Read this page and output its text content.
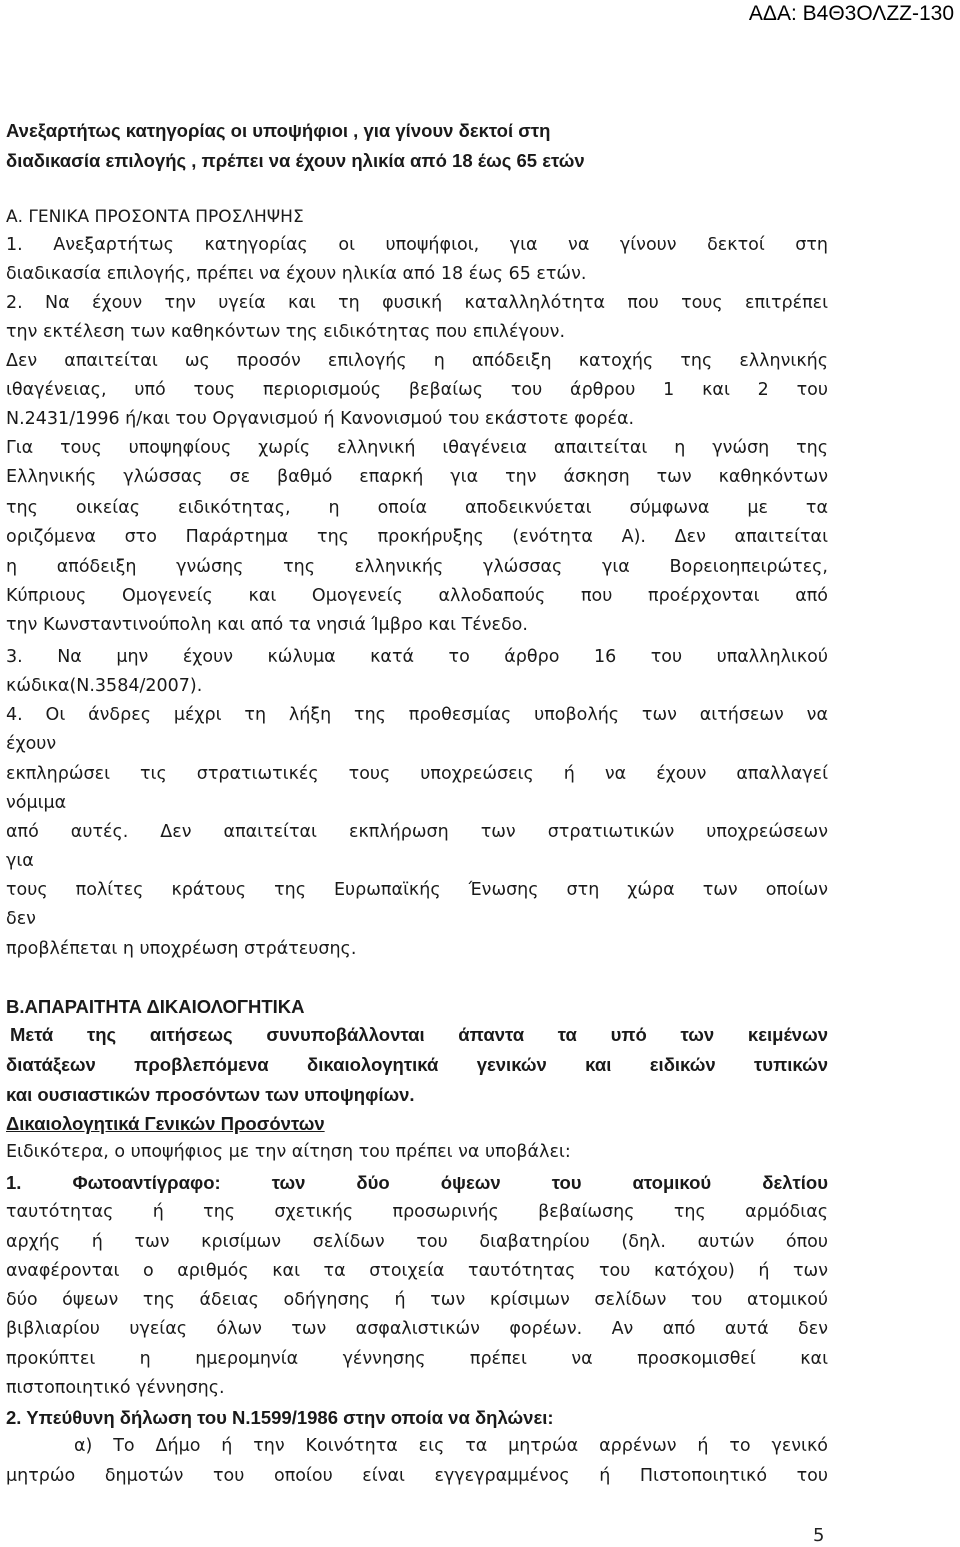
ΑΔΑ: Β4Θ3ΟΛΖΖ-130
Ανεξαρτήτως κατηγορίας οι υποψήφιοι , για γίνουν δεκτοί στη
διαδικασία επιλογής , πρέπει να έχουν ηλικία από 18 έως 65 ετών
Α. ΓΕΝΙΚΑ ΠΡΟΣΟΝΤΑ ΠΡΟΣΛΗΨΗΣ
1. Ανεξαρτήτως κατηγορίας οι υποψήφιοι, για να γίνουν δεκτοί στη
διαδικασία επιλογής, πρέπει να έχουν ηλικία από 18 έως 65 ετών.
2. Να έχουν την υγεία και τη φυσική καταλληλότητα που τους επιτρέπει
την εκτέλεση των καθηκόντων της ειδικότητας που επιλέγουν.
Δεν απαιτείται ως προσόν επιλογής η απόδειξη κατοχής της ελληνικής
ιθαγένειας, υπό τους περιορισμούς βεβαίως του άρθρου 1 και 2 του
Ν.2431/1996 ή/και του Οργανισμού ή Κανονισμού του εκάστοτε φορέα.
Για τους υποψηφίους χωρίς ελληνική ιθαγένεια απαιτείται η γνώση της
Ελληνικής γλώσσας σε βαθμό επαρκή για την άσκηση των καθηκόντων
της οικείας ειδικότητας, η οποία αποδεικνύεται σύμφωνα με τα
οριζόμενα στο Παράρτημα της προκήρυξης (ενότητα Α). Δεν απαιτείται
η απόδειξη γνώσης της ελληνικής γλώσσας για Βορειοηπειρώτες,
Κύπριους Ομογενείς και Ομογενείς αλλοδαπούς που προέρχονται από
την Κωνσταντινούπολη και από τα νησιά Ίμβρο και Τένεδο.
3. Να μην έχουν κώλυμα κατά το άρθρο 16 του υπαλληλικού
κώδικα(Ν.3584/2007).
4. Οι άνδρες μέχρι τη λήξη της προθεσμίας υποβολής των αιτήσεων να
έχουν
εκπληρώσει τις στρατιωτικές τους υποχρεώσεις ή να έχουν απαλλαγεί
νόμιμα
από αυτές. Δεν απαιτείται εκπλήρωση των στρατιωτικών υποχρεώσεων
για
τους πολίτες κράτους της Ευρωπαϊκής Ένωσης στη χώρα των οποίων
δεν
προβλέπεται η υποχρέωση στράτευσης.
Β.ΑΠΑΡΑΙΤΗΤΑ ΔΙΚΑΙΟΛΟΓΗΤΙΚΑ
Μετά της αιτήσεως συνυποβάλλονται άπαντα τα υπό των κειμένων
διατάξεων προβλεπόμενα δικαιολογητικά γενικών και ειδικών τυπικών
και ουσιαστικών προσόντων των υποψηφίων.
Δικαιολογητικά Γενικών Προσόντων
Ειδικότερα, ο υποψήφιος με την αίτηση του πρέπει να υποβάλει:
1. Φωτοαντίγραφο: των δύο όψεων του ατομικού δελτίου
ταυτότητας ή της σχετικής προσωρινής βεβαίωσης της αρμόδιας
αρχής ή των κρισίμων σελίδων του διαβατηρίου (δηλ. αυτών όπου
αναφέρονται ο αριθμός και τα στοιχεία ταυτότητας του κατόχου) ή των
δύο όψεων της άδειας οδήγησης ή των κρίσιμων σελίδων του ατομικού
βιβλιαρίου υγείας όλων των ασφαλιστικών φορέων. Αν από αυτά δεν
προκύπτει η ημερομηνία γέννησης πρέπει να προσκομισθεί και
πιστοποιητικό γέννησης.
2. Υπεύθυνη δήλωση του Ν.1599/1986 στην οποία να δηλώνει:
α) Το Δήμο ή την Κοινότητα εις τα μητρώα αρρένων ή το γενικό
μητρώο δημοτών του οποίου είναι εγγεγραμμένος ή Πιστοποιητικό του
5
